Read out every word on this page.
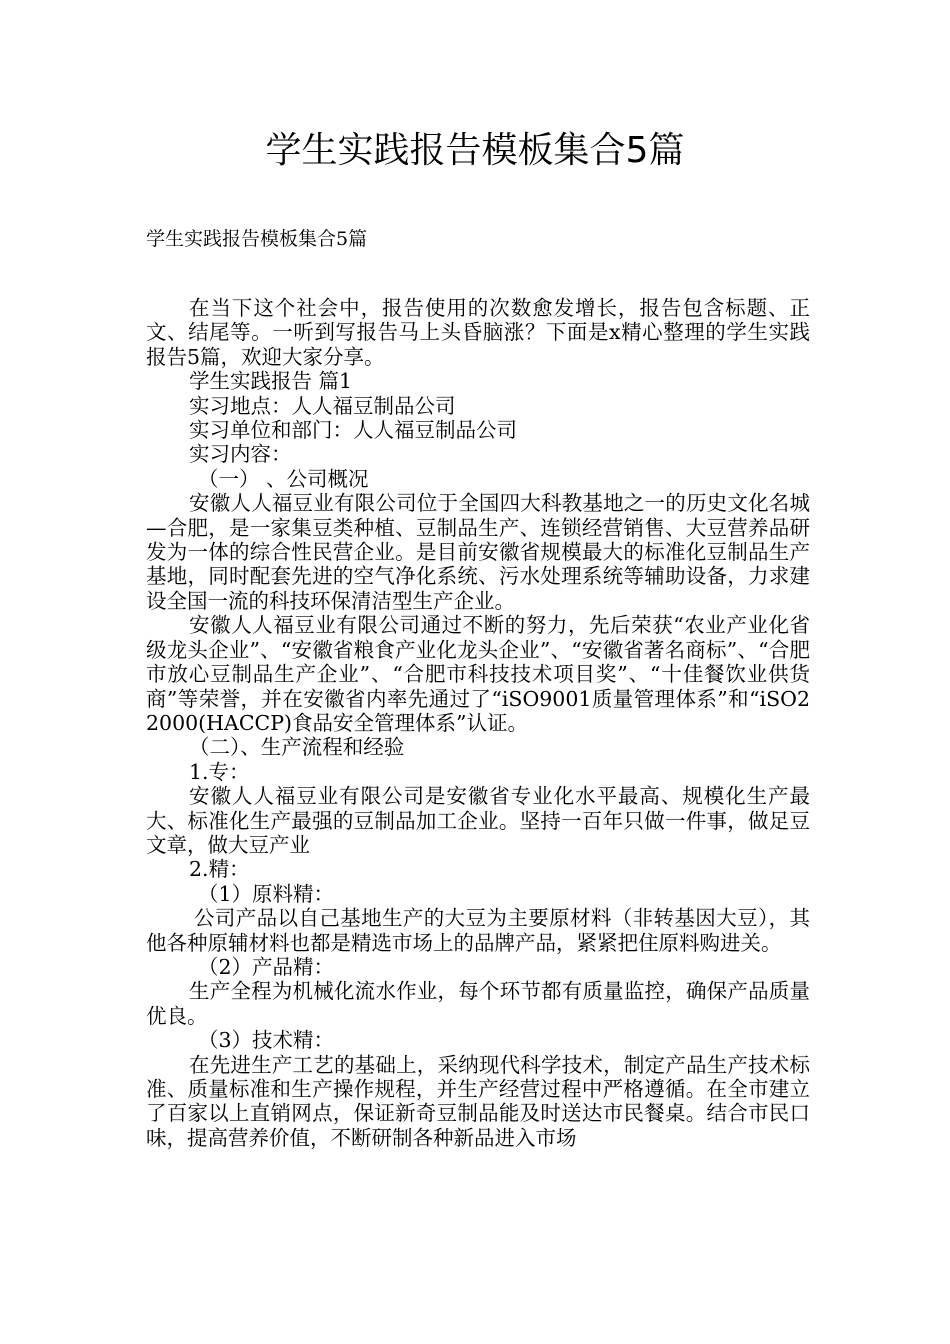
学生实践报告模板集合5篇

学生实践报告模板集合5篇

在当下这个社会中，报告使用的次数愈发增长，报告包含标题、正文、结尾等。一听到写报告马上头昏脑涨？下面是x精心整理的学生实践报告5篇，欢迎大家分享。

学生实践报告 篇1

实习地点：人人福豆制品公司

实习单位和部门：人人福豆制品公司

实习内容：

（一） 、公司概况

安徽人人福豆业有限公司位于全国四大科教基地之一的历史文化名城—合肥，是一家集豆类种植、豆制品生产、连锁经营销售、大豆营养品研发为一体的综合性民营企业。是目前安徽省规模最大的标准化豆制品生产基地，同时配套先进的空气净化系统、污水处理系统等辅助设备，力求建设全国一流的科技环保清洁型生产企业。

安徽人人福豆业有限公司通过不断的努力，先后荣获“农业产业化省级龙头企业”、“安徽省粮食产业化龙头企业”、“安徽省著名商标”、“合肥市放心豆制品生产企业”、“合肥市科技技术项目奖”、“十佳餐饮业供货商”等荣誉，并在安徽省内率先通过了“iSO9001质量管理体系”和“iSO22000(HACCP)食品安全管理体系”认证。

（二）、生产流程和经验

1.专：

安徽人人福豆业有限公司是安徽省专业化水平最高、规模化生产最大、标准化生产最强的豆制品加工企业。坚持一百年只做一件事，做足豆文章，做大豆产业

2.精：

（1）原料精：

公司产品以自己基地生产的大豆为主要原材料（非转基因大豆），其他各种原辅材料也都是精选市场上的品牌产品，紧紧把住原料购进关。

（2）产品精：

生产全程为机械化流水作业，每个环节都有质量监控，确保产品质量优良。

（3）技术精：

在先进生产工艺的基础上，采纳现代科学技术，制定产品生产技术标准、质量标准和生产操作规程，并生产经营过程中严格遵循。在全市建立了百家以上直销网点，保证新奇豆制品能及时送达市民餐桌。结合市民口味，提高营养价值，不断研制各种新品进入市场
